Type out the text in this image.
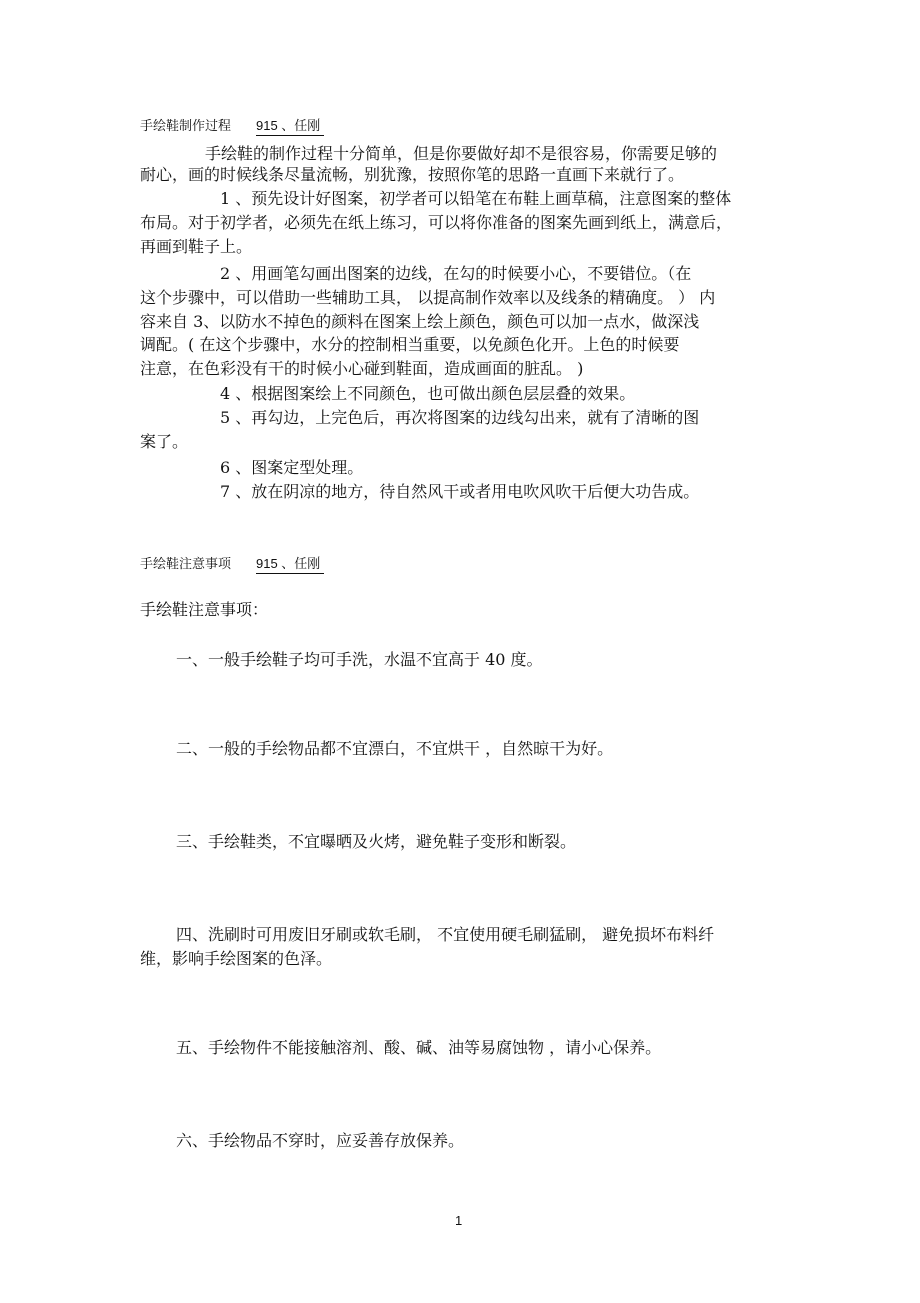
手绘鞋制作过程 915 、任刚
手绘鞋的制作过程十分简单，但是你要做好却不是很容易，你需要足够的
耐心，画的时候线条尽量流畅，别犹豫，按照你笔的思路一直画下来就行了。
1 、预先设计好图案，初学者可以铅笔在布鞋上画草稿，注意图案的整体
布局。对于初学者，必须先在纸上练习，可以将你准备的图案先画到纸上，满意后，
再画到鞋子上。
2 、用画笔勾画出图案的边线，在勾的时候要小心，不要错位。（在
这个步骤中，可以借助一些辅助工具， 以提高制作效率以及线条的精确度。 ） 内
容来自 3、以防水不掉色的颜料在图案上绘上颜色，颜色可以加一点水，做深浅
调配。( 在这个步骤中，水分的控制相当重要，以免颜色化开。上色的时候要
注意，在色彩没有干的时候小心碰到鞋面，造成画面的脏乱。 )
4 、根据图案绘上不同颜色，也可做出颜色层层叠的效果。
5 、再勾边，上完色后，再次将图案的边线勾出来，就有了清晰的图
案了。
6 、图案定型处理。
7 、放在阴凉的地方，待自然风干或者用电吹风吹干后便大功告成。
手绘鞋注意事项 915 、任刚
手绘鞋注意事项：
一、一般手绘鞋子均可手洗，水温不宜高于 40 度。
二、一般的手绘物品都不宜漂白，不宜烘干 ，自然晾干为好。
三、手绘鞋类，不宜曝晒及火烤，避免鞋子变形和断裂。
四、洗刷时可用废旧牙刷或软毛刷， 不宜使用硬毛刷猛刷， 避免损坏布料纤
维，影响手绘图案的色泽。
五、手绘物件不能接触溶剂、酸、碱、油等易腐蚀物 ，请小心保养。
六、手绘物品不穿时，应妥善存放保养。
1
